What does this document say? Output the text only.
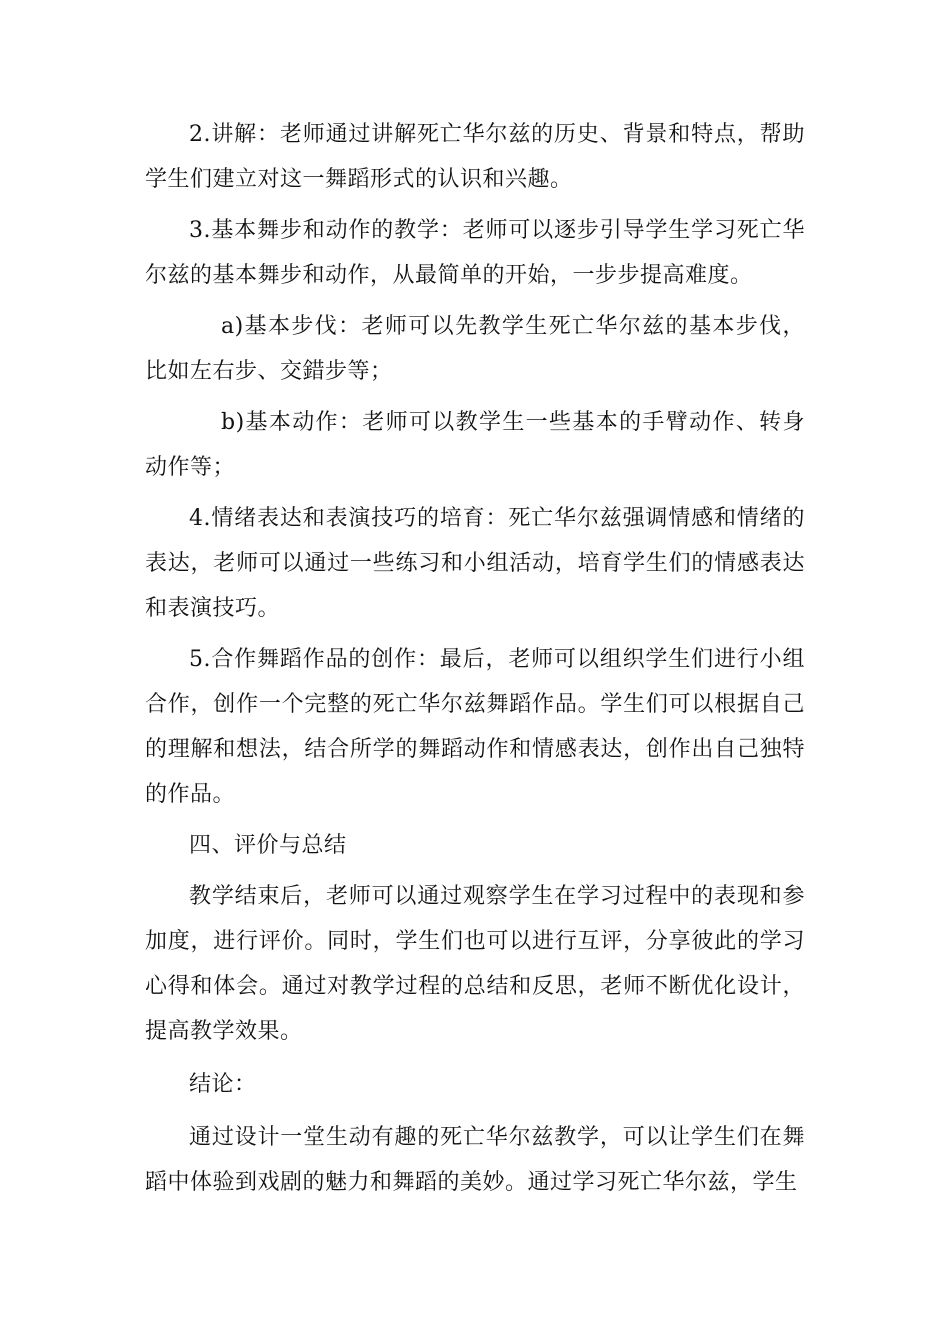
2.讲解：老师通过讲解死亡华尔兹的历史、背景和特点，帮助学生们建立对这一舞蹈形式的认识和兴趣。

3.基本舞步和动作的教学：老师可以逐步引导学生学习死亡华尔兹的基本舞步和动作，从最简单的开始，一步步提高难度。

a)基本步伐：老师可以先教学生死亡华尔兹的基本步伐，比如左右步、交錯步等；

b)基本动作：老师可以教学生一些基本的手臂动作、转身动作等；

4.情绪表达和表演技巧的培育：死亡华尔兹强调情感和情绪的表达，老师可以通过一些练习和小组活动，培育学生们的情感表达和表演技巧。

5.合作舞蹈作品的创作：最后，老师可以组织学生们进行小组合作，创作一个完整的死亡华尔兹舞蹈作品。学生们可以根据自己的理解和想法，结合所学的舞蹈动作和情感表达，创作出自己独特的作品。

四、评价与总结

教学结束后，老师可以通过观察学生在学习过程中的表现和参加度，进行评价。同时，学生们也可以进行互评，分享彼此的学习心得和体会。通过对教学过程的总结和反思，老师不断优化设计，提高教学效果。

结论：

通过设计一堂生动有趣的死亡华尔兹教学，可以让学生们在舞蹈中体验到戏剧的魅力和舞蹈的美妙。通过学习死亡华尔兹，学生
